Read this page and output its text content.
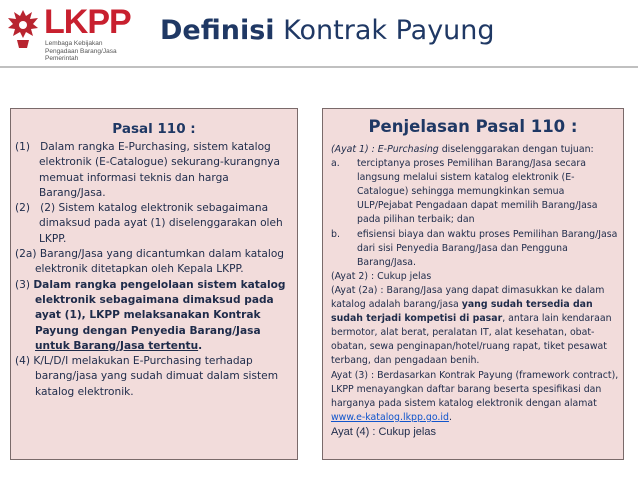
LKPP
Lembaga Kebijakan
Pengadaan Barang/Jasa Pemerintah
Definisi Kontrak Payung
Pasal 110 :
(1) Dalam rangka E-Purchasing, sistem katalog elektronik (E-Catalogue) sekurang-kurangnya memuat informasi teknis dan harga Barang/Jasa.
(2) (2) Sistem katalog elektronik sebagaimana dimaksud pada ayat (1) diselenggarakan oleh LKPP.
(2a) Barang/Jasa yang dicantumkan dalam katalog elektronik ditetapkan oleh Kepala LKPP.
(3) Dalam rangka pengelolaan sistem katalog elektronik sebagaimana dimaksud pada ayat (1), LKPP melaksanakan Kontrak Payung dengan Penyedia Barang/Jasa untuk Barang/Jasa tertentu.
(4) K/L/D/I melakukan E-Purchasing terhadap barang/jasa yang sudah dimuat dalam sistem katalog elektronik.
Penjelasan Pasal 110 :
(Ayat 1) : E-Purchasing diselenggarakan dengan tujuan:
a. terciptanya proses Pemilihan Barang/Jasa secara langsung melalui sistem katalog elektronik (E-Catalogue) sehingga memungkinkan semua ULP/Pejabat Pengadaan dapat memilih Barang/Jasa pada pilihan terbaik; dan
b. efisiensi biaya dan waktu proses Pemilihan Barang/Jasa dari sisi Penyedia Barang/Jasa dan Pengguna Barang/Jasa.
(Ayat 2) : Cukup jelas
(Ayat (2a) : Barang/Jasa yang dapat dimasukkan ke dalam katalog adalah barang/jasa yang sudah tersedia dan sudah terjadi kompetisi di pasar, antara lain kendaraan bermotor, alat berat, peralatan IT, alat kesehatan, obat-obatan, sewa penginapan/hotel/ruang rapat, tiket pesawat terbang, dan pengadaan benih.
Ayat (3) : Berdasarkan Kontrak Payung (framework contract), LKPP menayangkan daftar barang beserta spesifikasi dan harganya pada sistem katalog elektronik dengan alamat www.e-katalog.lkpp.go.id.
Ayat (4) : Cukup jelas
